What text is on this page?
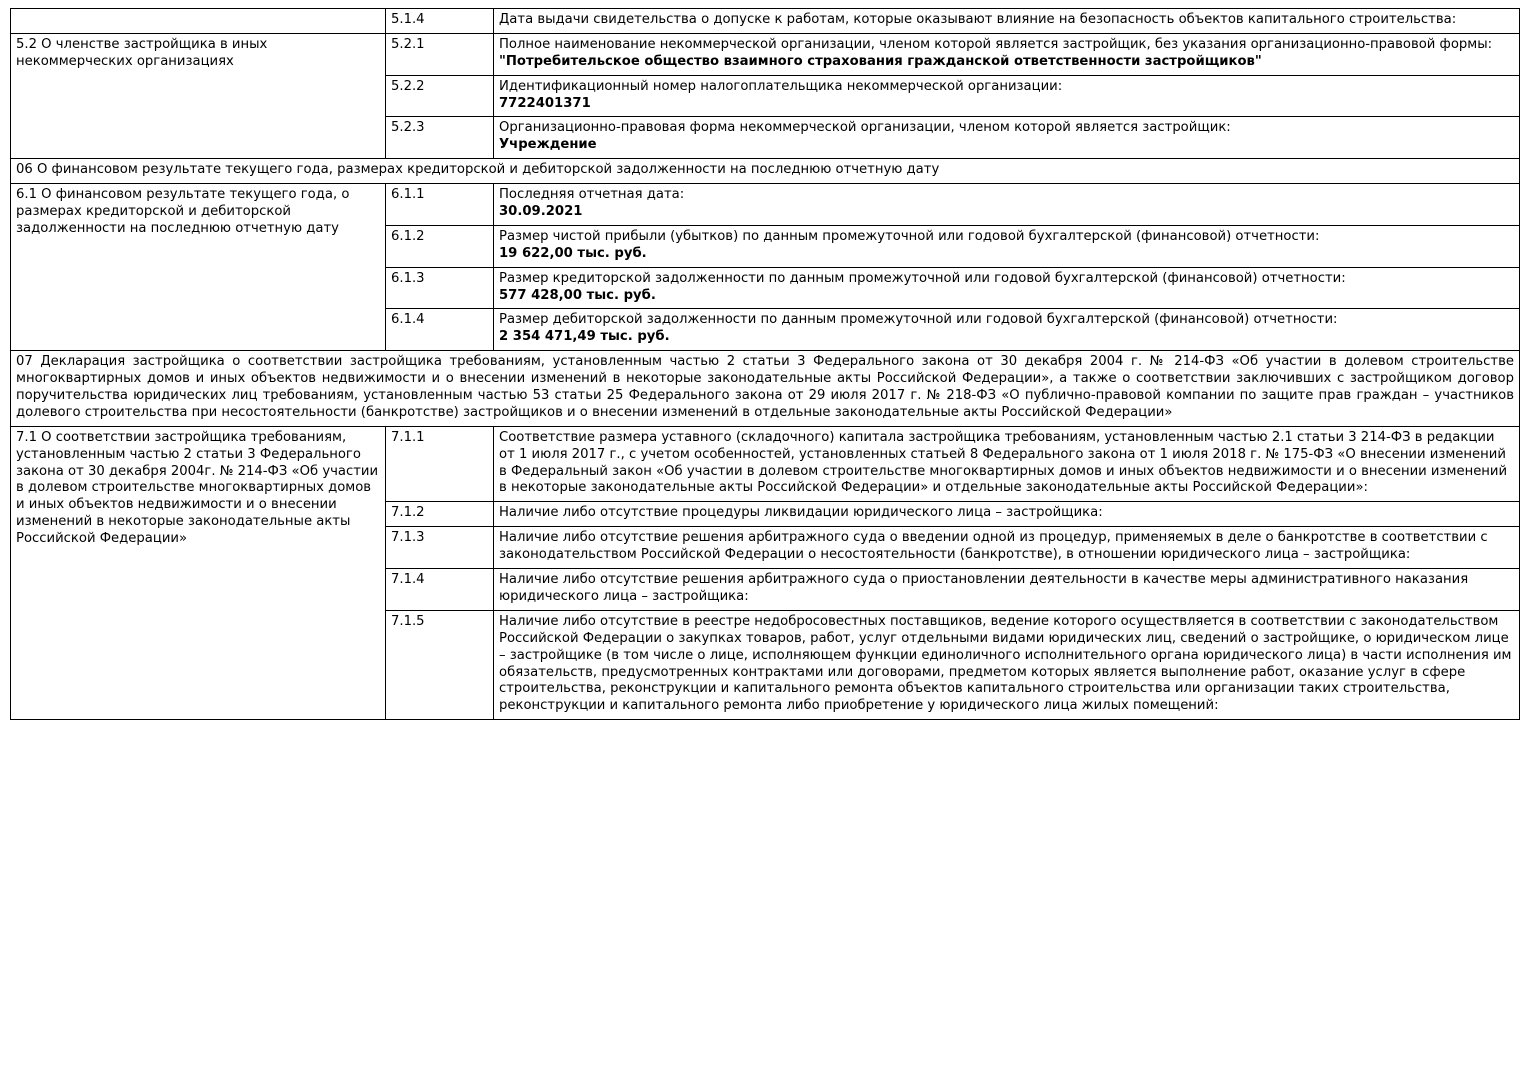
	5.1.4	Дата выдачи свидетельства о допуске к работам, которые оказывают влияние на безопасность объектов капитального строительства:

5.2 О членстве застройщика в иных некоммерческих организациях	5.2.1	Полное наименование некоммерческой организации, членом которой является застройщик, без указания организационно-правовой формы:
"Потребительское общество взаимного страхования гражданской ответственности застройщиков"

	5.2.2	Идентификационный номер налогоплательщика некоммерческой организации:
7722401371

	5.2.3	Организационно-правовая форма некоммерческой организации, членом которой является застройщик:
Учреждение

06 О финансовом результате текущего года, размерах кредиторской и дебиторской задолженности на последнюю отчетную дату		
6.1 О финансовом результате текущего года, о размерах кредиторской и дебиторской задолженности на последнюю отчетную дату	6.1.1	Последняя отчетная дата:
30.09.2021

	6.1.2	Размер чистой прибыли (убытков) по данным промежуточной или годовой бухгалтерской (финансовой) отчетности:
19 622,00 тыс. руб.

	6.1.3	Размер кредиторской задолженности по данным промежуточной или годовой бухгалтерской (финансовой) отчетности:
577 428,00 тыс. руб.

	6.1.4	Размер дебиторской задолженности по данным промежуточной или годовой бухгалтерской (финансовой) отчетности:
2 354 471,49 тыс. руб.

07 Декларация застройщика о соответствии застройщика требованиям, установленным частью 2 статьи 3 Федерального закона от 30 декабря 2004 г. № 214-ФЗ «Об участии в долевом строительстве многоквартирных домов и иных объектов недвижимости и о внесении изменений в некоторые законодательные акты Российской Федерации», а также о соответствии заключивших с застройщиком договор поручительства юридических лиц требованиям, установленным частью 53 статьи 25 Федерального закона от 29 июля 2017 г. № 218-ФЗ «О публично-правовой компании по защите прав граждан – участников долевого строительства при несостоятельности (банкротстве) застройщиков и о внесении изменений в отдельные законодательные акты Российской Федерации»		
7.1 О соответствии застройщика требованиям, установленным частью 2 статьи 3 Федерального закона от 30 декабря 2004г. № 214-ФЗ «Об участии в долевом строительстве многоквартирных домов и иных объектов недвижимости и о внесении изменений в некоторые законодательные акты Российской Федерации»	7.1.1	Соответствие размера уставного (складочного) капитала застройщика требованиям, установленным частью 2.1 статьи 3 214-ФЗ в редакции от 1 июля 2017 г., с учетом особенностей, установленных статьей 8 Федерального закона от 1 июля 2018 г. № 175-ФЗ «О внесении изменений в Федеральный закон «Об участии в долевом строительстве многоквартирных домов и иных объектов недвижимости и о внесении изменений в некоторые законодательные акты Российской Федерации» и отдельные законодательные акты Российской Федерации»:

	7.1.2	Наличие либо отсутствие процедуры ликвидации юридического лица – застройщика:

	7.1.3	Наличие либо отсутствие решения арбитражного суда о введении одной из процедур, применяемых в деле о банкротстве в соответствии с законодательством Российской Федерации о несостоятельности (банкротстве), в отношении юридического лица – застройщика:

	7.1.4	Наличие либо отсутствие решения арбитражного суда о приостановлении деятельности в качестве меры административного наказания юридического лица – застройщика:

	7.1.5	Наличие либо отсутствие в реестре недобросовестных поставщиков, ведение которого осуществляется в соответствии с законодательством Российской Федерации о закупках товаров, работ, услуг отдельными видами юридических лиц, сведений о застройщике, о юридическом лице – застройщике (в том числе о лице, исполняющем функции единоличного исполнительного органа юридического лица) в части исполнения им обязательств, предусмотренных контрактами или договорами, предметом которых является выполнение работ, оказание услуг в сфере строительства, реконструкции и капитального ремонта объектов капитального строительства или организации таких строительства, реконструкции и капитального ремонта либо приобретение у юридического лица жилых помещений:
